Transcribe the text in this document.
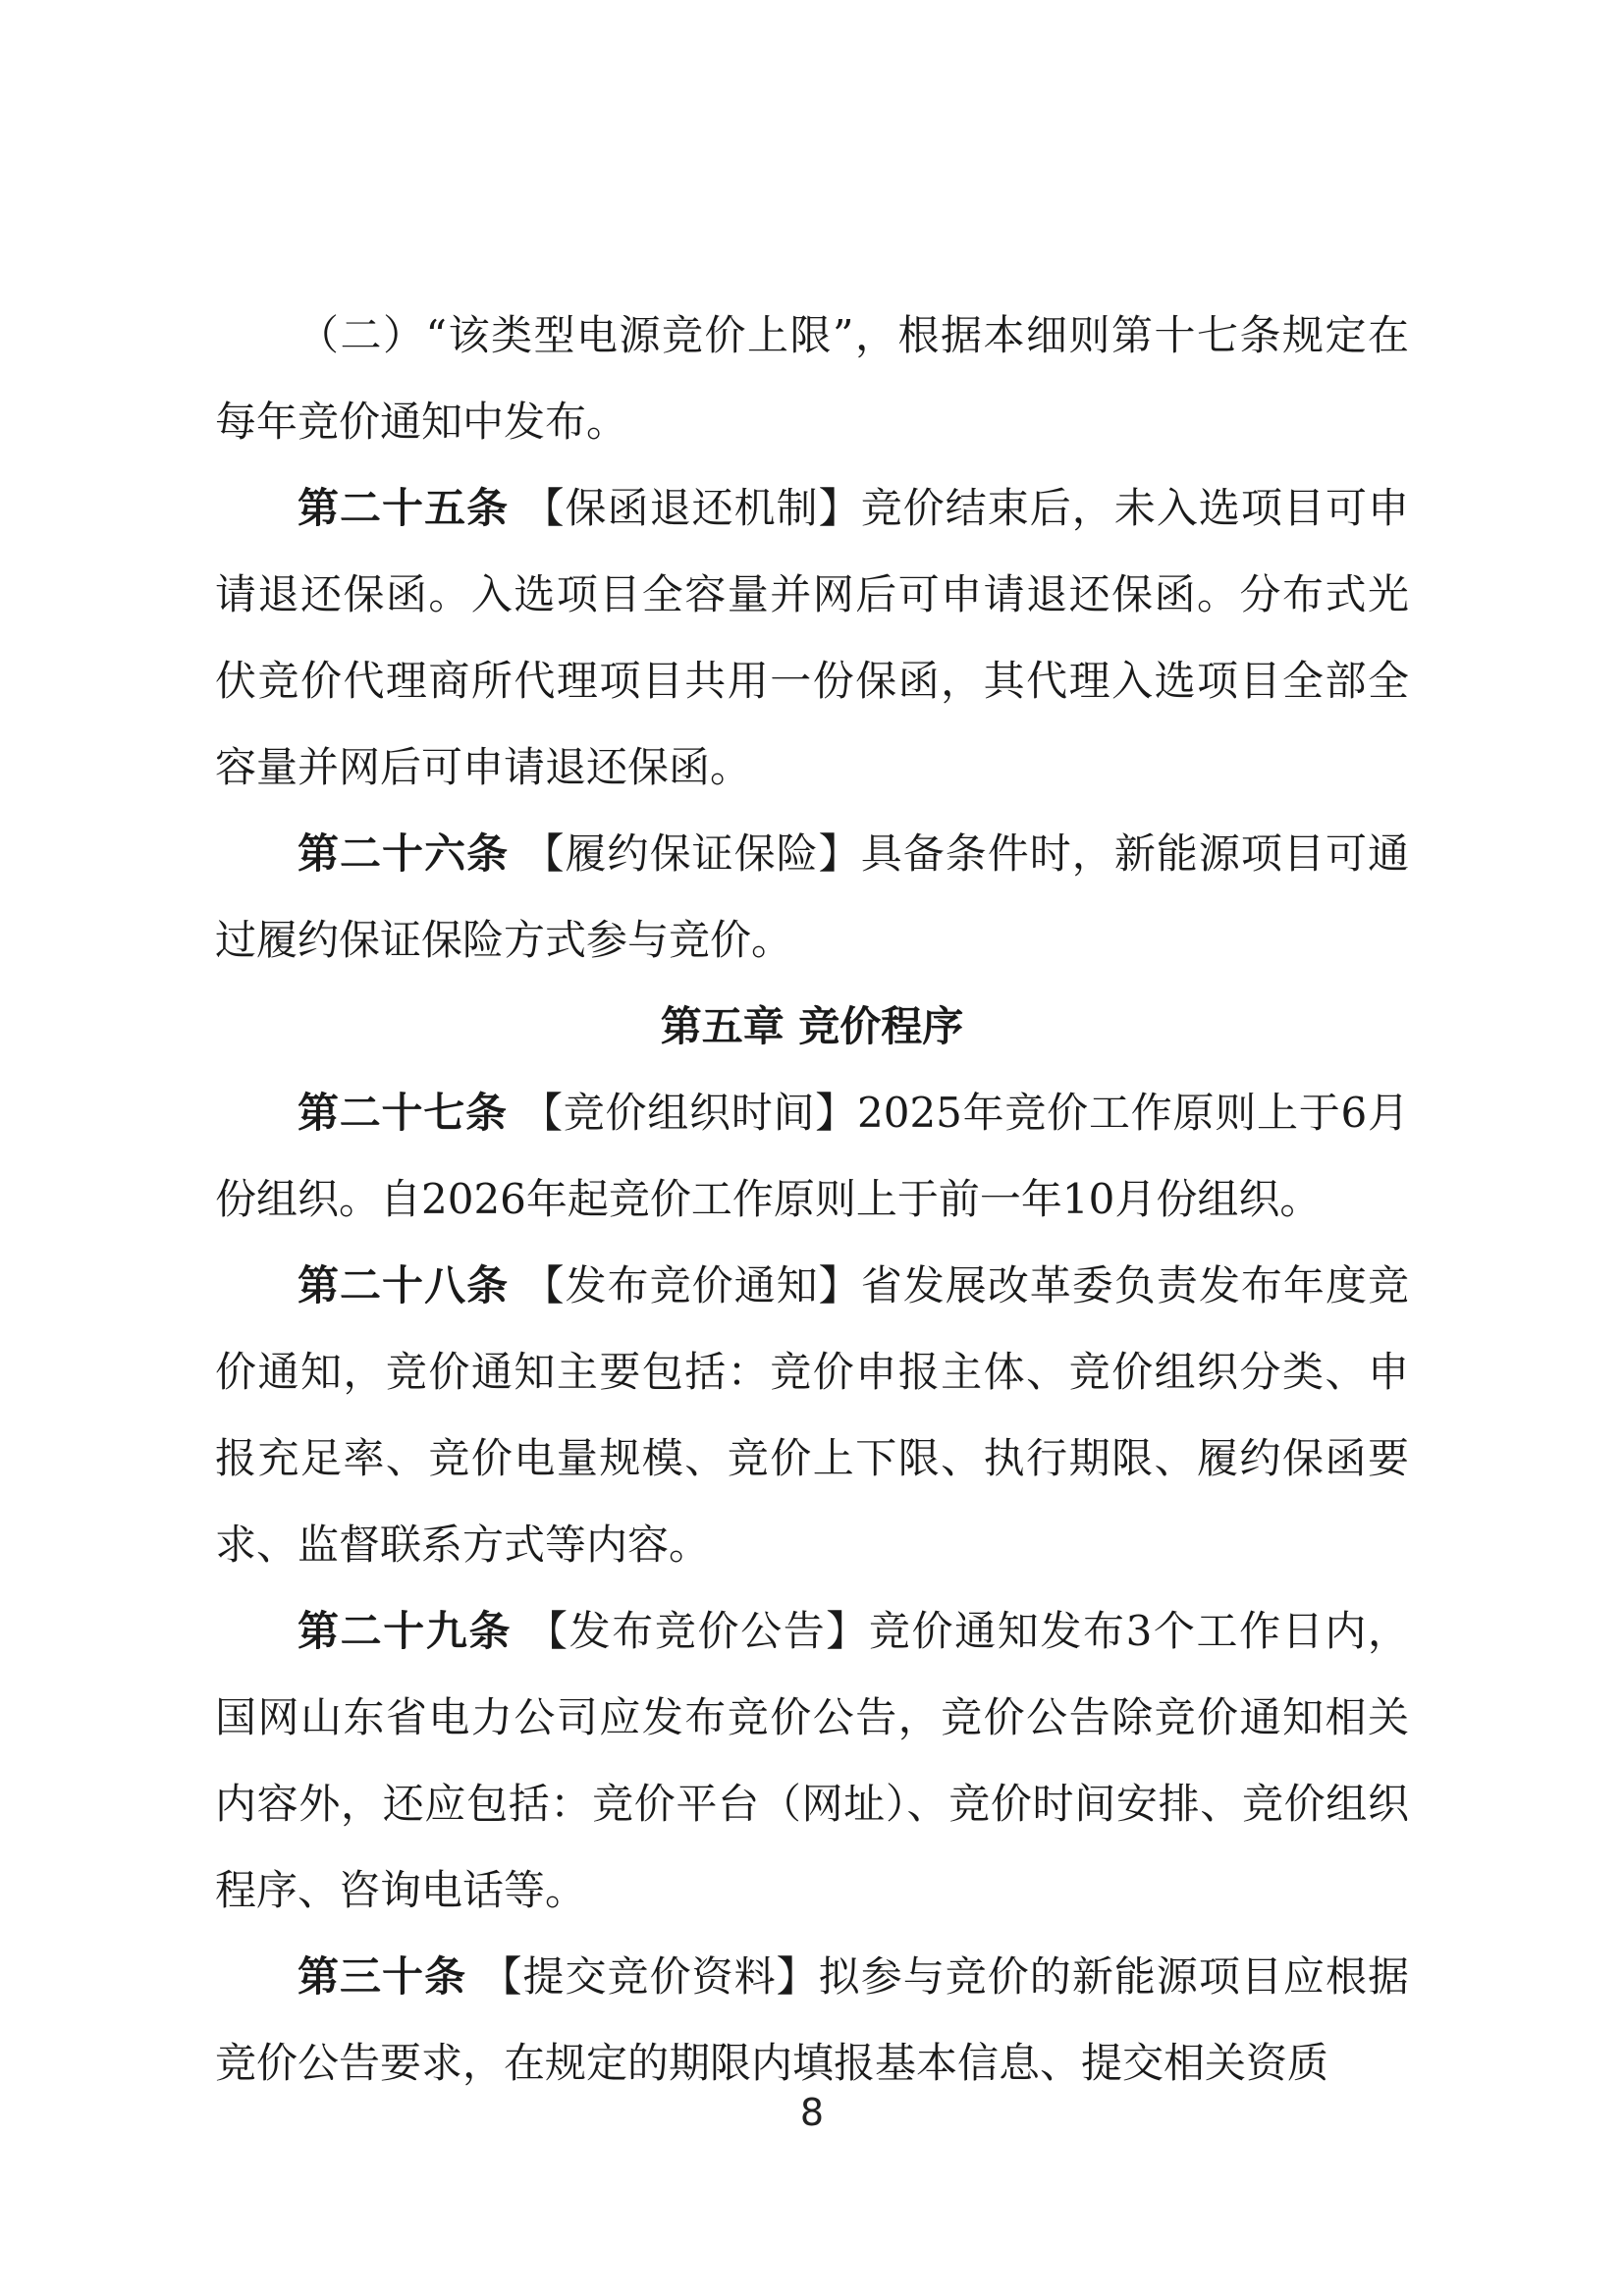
（二）“该类型电源竞价上限”，根据本细则第十七条规定在每年竞价通知中发布。

第二十五条 【保函退还机制】竞价结束后，未入选项目可申请退还保函。入选项目全容量并网后可申请退还保函。分布式光伏竞价代理商所代理项目共用一份保函，其代理入选项目全部全容量并网后可申请退还保函。

第二十六条 【履约保证保险】具备条件时，新能源项目可通过履约保证保险方式参与竞价。

第五章 竞价程序

第二十七条 【竞价组织时间】2025年竞价工作原则上于6月份组织。自2026年起竞价工作原则上于前一年10月份组织。

第二十八条 【发布竞价通知】省发展改革委负责发布年度竞价通知，竞价通知主要包括：竞价申报主体、竞价组织分类、申报充足率、竞价电量规模、竞价上下限、执行期限、履约保函要求、监督联系方式等内容。

第二十九条 【发布竞价公告】竞价通知发布3个工作日内，国网山东省电力公司应发布竞价公告，竞价公告除竞价通知相关内容外，还应包括：竞价平台（网址）、竞价时间安排、竞价组织程序、咨询电话等。

第三十条 【提交竞价资料】拟参与竞价的新能源项目应根据竞价公告要求，在规定的期限内填报基本信息、提交相关资质

8
